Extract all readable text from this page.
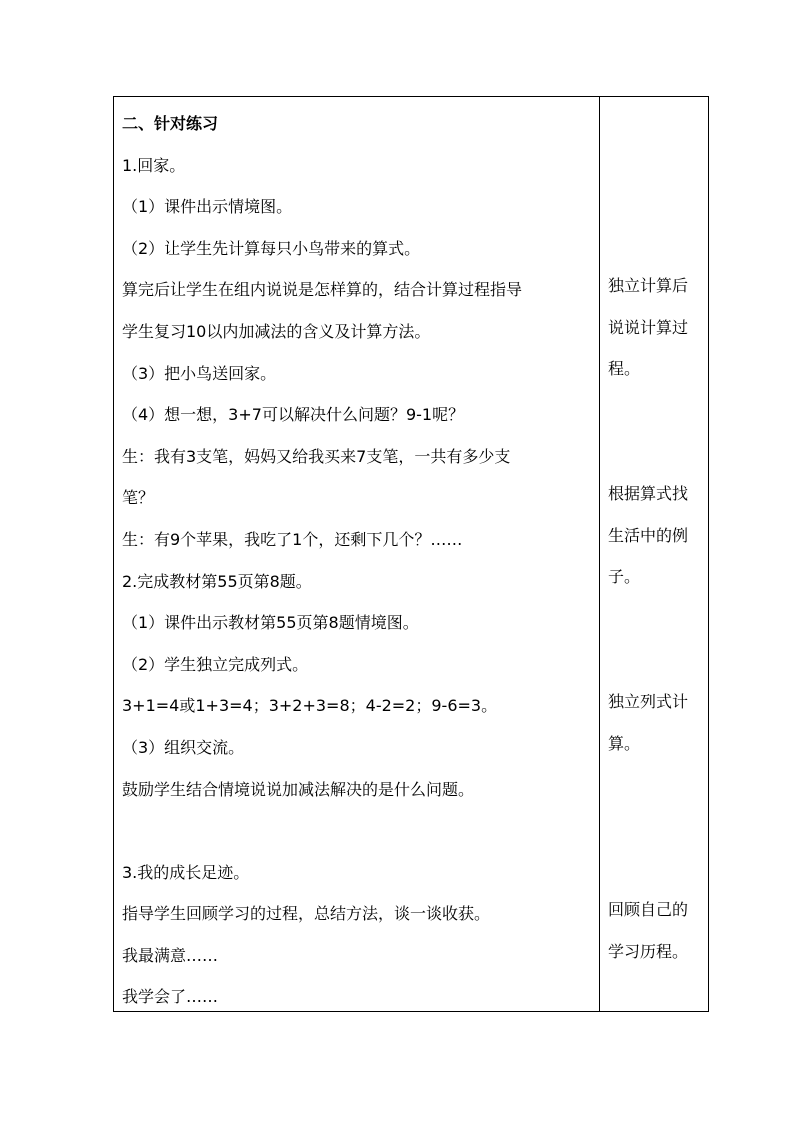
二、针对练习
1.回家。
（1）课件出示情境图。
（2）让学生先计算每只小鸟带来的算式。
算完后让学生在组内说说是怎样算的，结合计算过程指导
学生复习10以内加减法的含义及计算方法。
（3）把小鸟送回家。
（4）想一想，3+7可以解决什么问题？9-1呢？
生：我有3支笔，妈妈又给我买来7支笔，一共有多少支
笔？
生：有9个苹果，我吃了1个，还剩下几个？……
2.完成教材第55页第8题。
（1）课件出示教材第55页第8题情境图。
（2）学生独立完成列式。
3+1=4或1+3=4；3+2+3=8；4-2=2；9-6=3。
（3）组织交流。
鼓励学生结合情境说说加减法解决的是什么问题。
3.我的成长足迹。
指导学生回顾学习的过程，总结方法，谈一谈收获。
我最满意……
我学会了……
独立计算后
说说计算过
程。
根据算式找
生活中的例
子。
独立列式计
算。
回顾自己的
学习历程。
